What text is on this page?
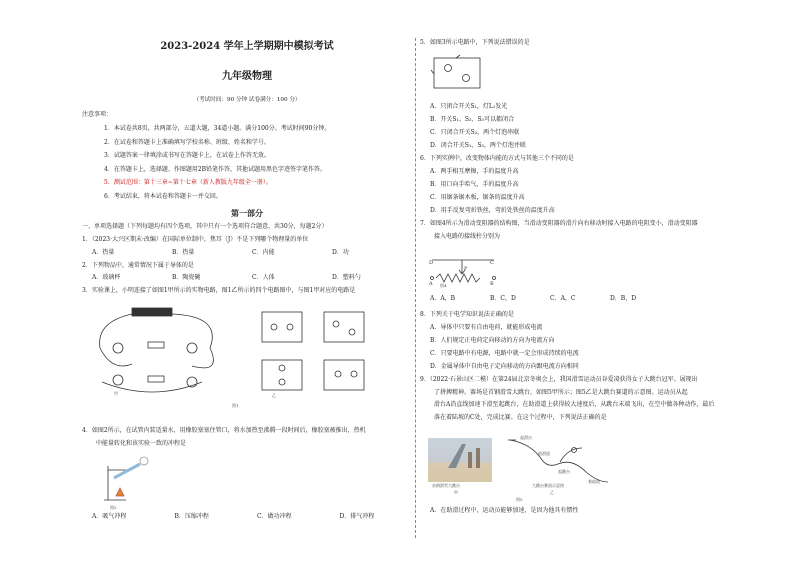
2023-2024 学年上学期期中模拟考试
九年级物理
（考试时间：90 分钟 试卷满分：100 分）
注意事项：
1．本试卷共8页，共两部分，五道大题，34道小题。满分100分。考试时间90分钟。
2．在试卷和答题卡上准确填写学校名称、班级、姓名和学号。
3．试题答案一律填涂或书写在答题卡上，在试卷上作答无效。
4．在答题卡上，选择题、作图题用2B铅笔作答，其他试题用黑色字迹签字笔作答。
5．测试范围：第十三章~第十七章（新人教版九年级全一册）。
6．考试结束，将本试卷和答题卡一并交回。
第一部分
一、单项选择题（下列每题均有四个选项，其中只有一个选项符合题意，共30分，每题2分）
1．（2023·大兴区期末·改编）在国际单位制中，焦耳（J）不是下列哪个物理量的单位
A．热量	B．热量	C．内能	D．功
2．下列物品中，通常情况下属于导体的是
A．玻璃杯	B．陶瓷碗	C．人体	D．塑料勺
3．实验课上，小明连接了如图1甲所示的实物电路，图1乙所示的四个电路图中，与图1甲对应的电路是
甲	乙
图1
4．如图2所示，在试管内装适量水，用橡胶塞塞住管口，将水加热至沸腾一段时间后，橡胶塞被推出，热机
中能量转化和该实验一致的冲程是
图2
A．吸气冲程	B．压缩冲程	C．做功冲程	D．排气冲程
5．如图3所示电路中，下列说法错误的是
A．只闭合开关S₁，灯L₁发光
B．开关S₁、S₂、S₃可以都闭合
C．只闭合开关S₂，两个灯泡串联
D．闭合开关S₁、S₃，两个灯泡并联
6．下列实例中，改变物体内能的方式与其他三个不同的是
A．两手相互摩擦，手的温度升高
B．用口向手哈气，手的温度升高
C．用锯条锯木板，锯条的温度升高
D．用手反复弯折铁丝，弯折处铁丝的温度升高
7．如图4所示为滑动变阻器的结构图，当滑动变阻器的滑片向右移动时接入电路的电阻变小，滑动变阻器
接入电路的接线柱分别为
D	C
P
A	B
图4
A．A，B	B．C，D	C．A，C	D．B，D
8．下列关于电学知识说法正确的是
A．导体中只要有自由电荷，就能形成电流
B．人们规定正电荷定向移动的方向为电流方向
C．只要电路中有电源，电路中就一定会形成持续的电流
D．金属导体中自由电子定向移动的方向跟电流方向相同
9．（2022·石景山区二模）在第24届北京冬奥会上，我国滑雪运动员谷爱凌获得女子大跳台冠军。展现出
了拼搏精神。赛场是首钢滑雪大跳台，如图5甲所示；图5乙是大跳台赛道的示意图。运动员从起
滑台A沿直线加速下滑至起跳台，在助滑道上获得较大速度后，从跳台末端飞出，在空中做各种动作，最后
落在着陆坡的C处，完成比赛。在这个过程中，下列说法正确的是
首钢滑雪大跳台
甲
起滑台
助滑道
起跳台
着陆坡
大跳台赛道示意图
乙
图5
A．在助滑过程中，运动员能够加速，是因为他具有惯性
